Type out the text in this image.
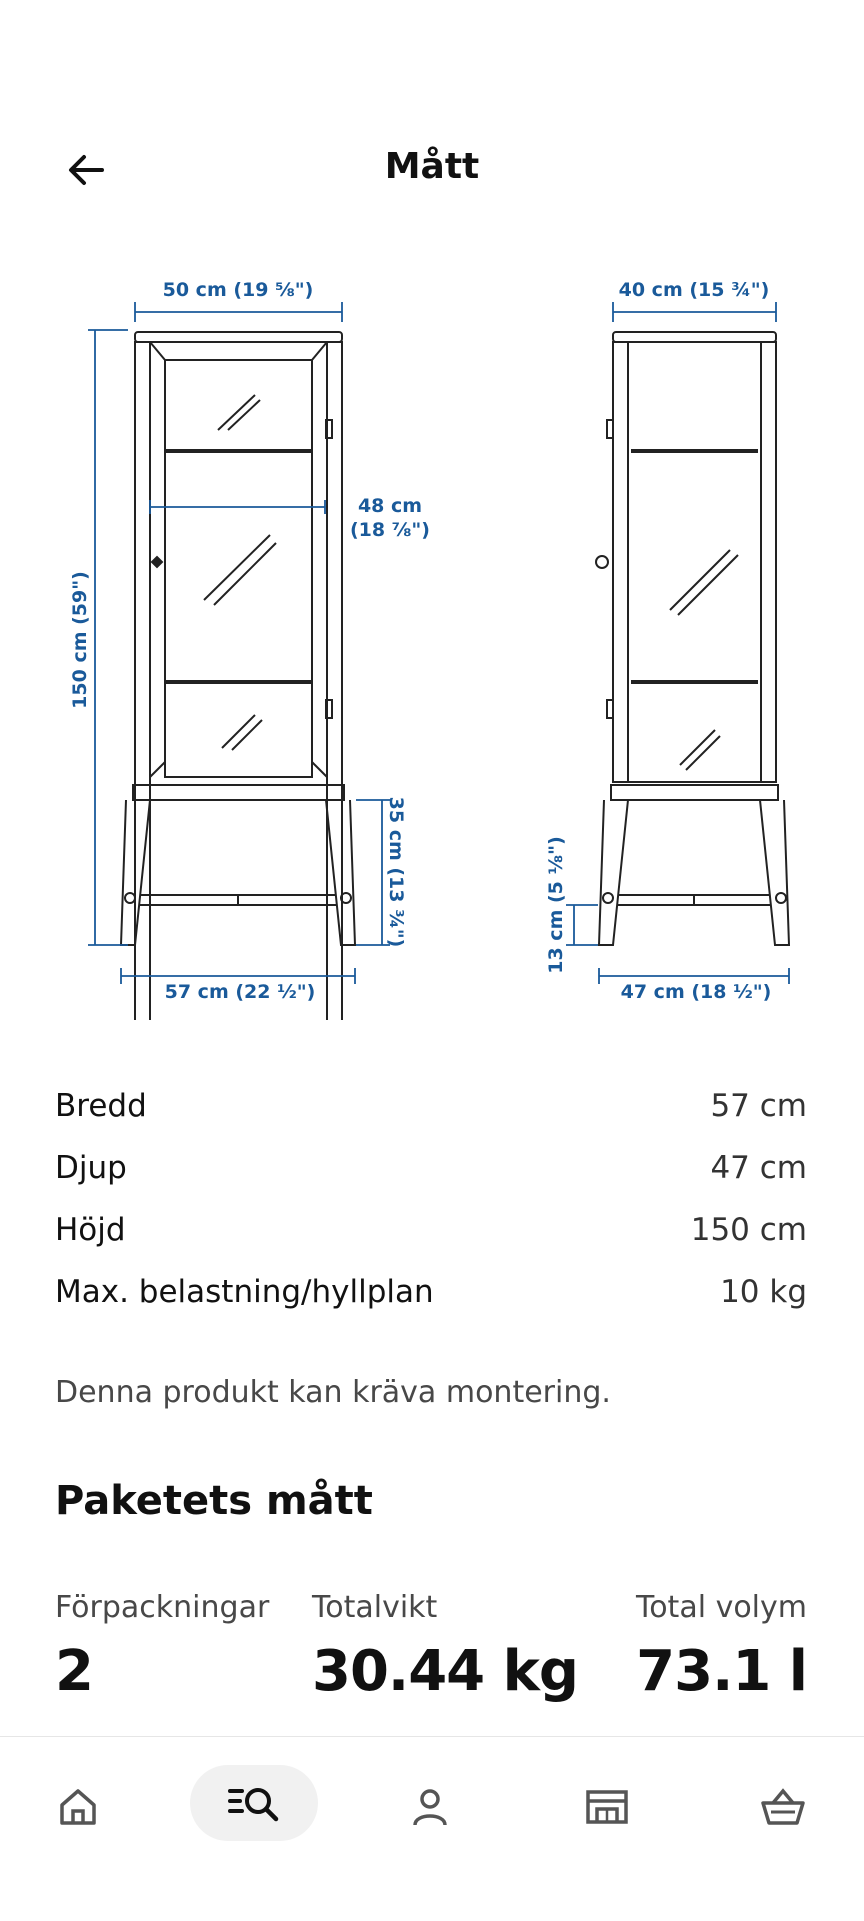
Mått
50 cm (19 ⅝")
48 cm
(18 ⅞")
150 cm (59")
35 cm (13 ¾")
57 cm (22 ½")
40 cm (15 ¾")
13 cm (5 ⅛")
47 cm (18 ½")
Bredd	57 cm
Djup	47 cm
Höjd	150 cm
Max. belastning/hyllplan	10 kg
Denna produkt kan kräva montering.
Paketets mått
Förpackningar
2
Totalvikt
30.44 kg
Total volym
73.1 l
